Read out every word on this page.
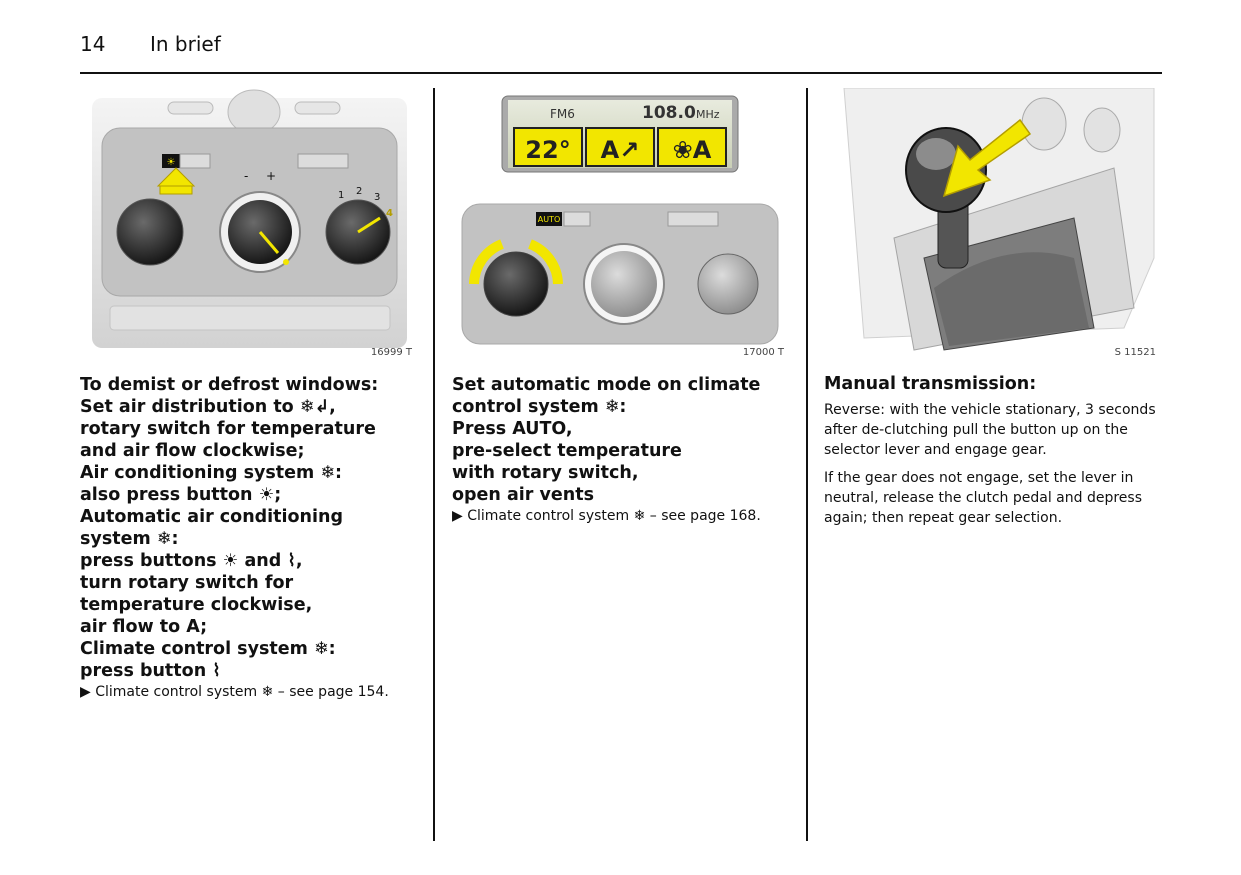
14 In brief
☀
1 2
3
4
- +
16999 T
To demist or defrost windows:
Set air distribution to ❄↲,
rotary switch for temperature
and air flow clockwise;
Air conditioning system ❄:
also press button ☀;
Automatic air conditioning
system ❄:
press buttons ☀ and ⌇,
turn rotary switch for
temperature clockwise,
air flow to A;
Climate control system ❄:
press button ⌇
▶ Climate control system ❄ – see page 154.
FM6	108.0 MHz
22° A↗ ❀A
AUTO
17000 T
Set automatic mode on climate
control system ❄:
Press AUTO,
pre-select temperature
with rotary switch,
open air vents
▶ Climate control system ❄ – see page 168.
S 11521
Manual transmission:

Reverse: with the vehicle stationary, 3 seconds after de-clutching pull the button up on the selector lever and engage gear.

If the gear does not engage, set the lever in neutral, release the clutch pedal and depress again; then repeat gear selection.
